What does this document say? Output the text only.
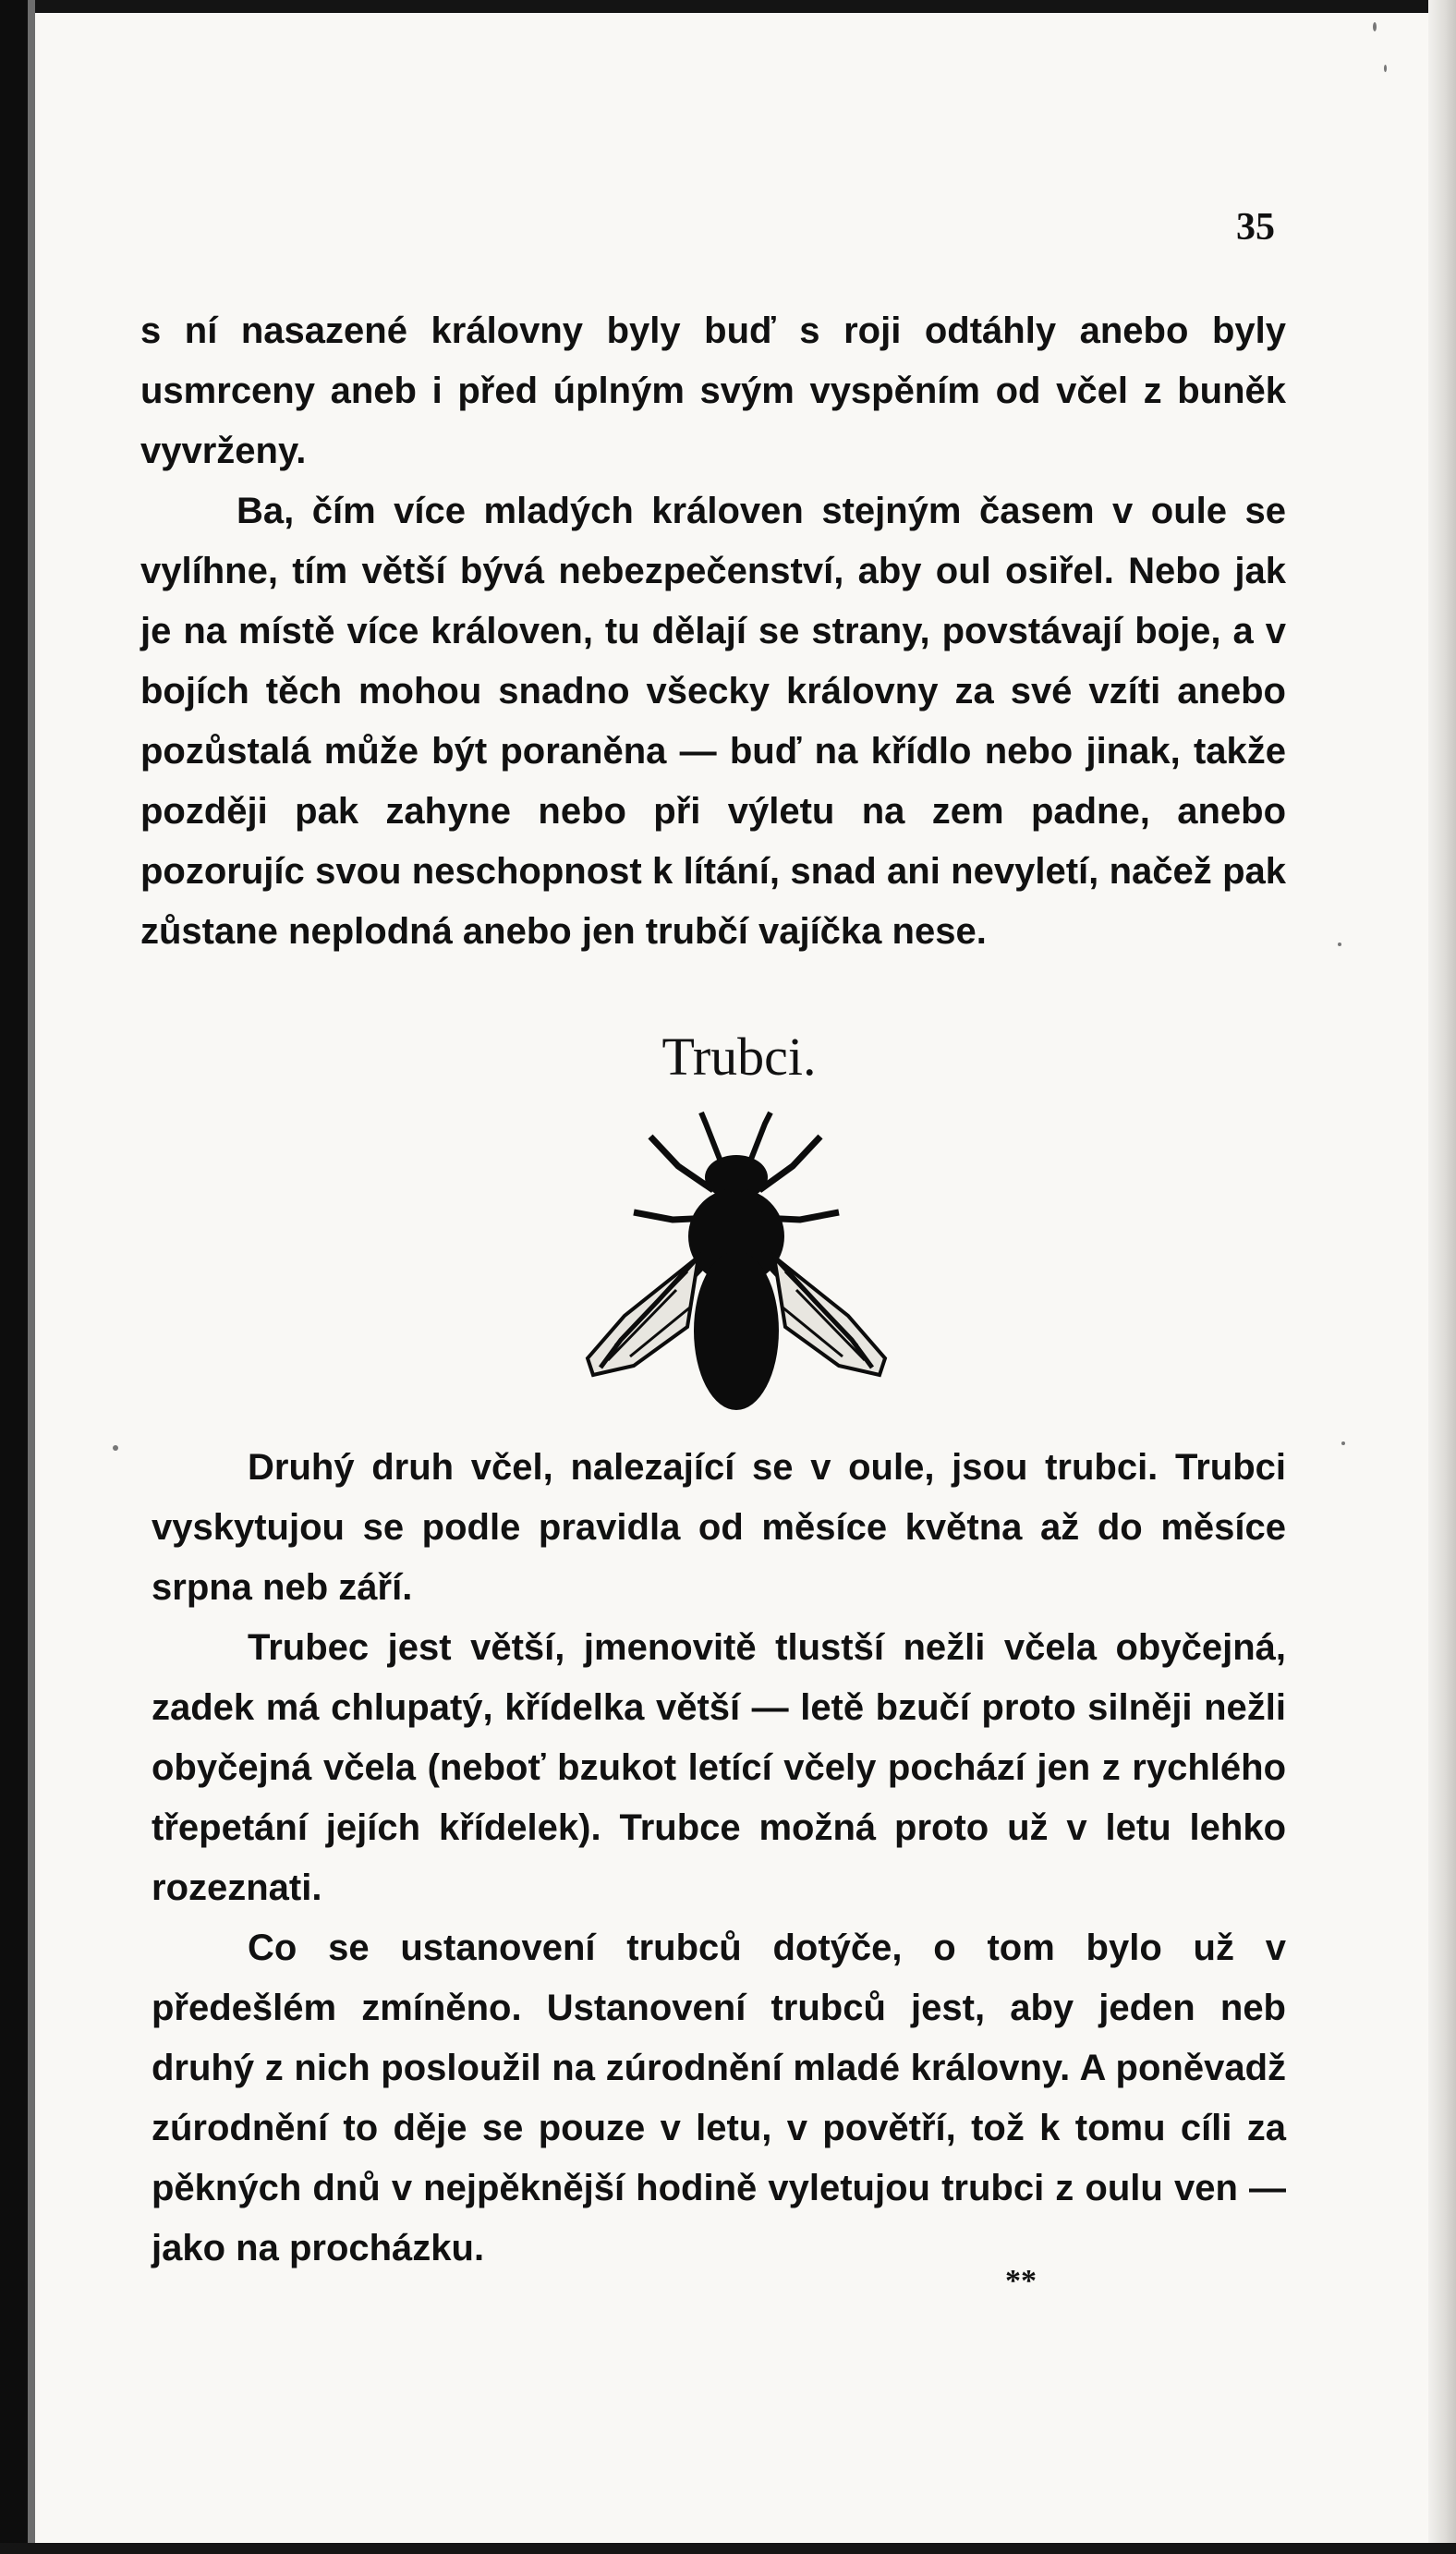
35

s ní nasazené královny byly buď s roji odtáhly anebo byly usmrceny aneb i před úplným svým vyspěním od včel z buněk vyvrženy.

Ba, čím více mladých královen stejným časem v oule se vylíhne, tím větší bývá nebezpečenství, aby oul osiřel. Nebo jak je na místě více královen, tu dělají se strany, povstávají boje, a v bojích těch mohou snadno všecky královny za své vzíti anebo pozůstalá může být poraněna — buď na křídlo nebo jinak, takže později pak zahyne nebo při výletu na zem padne, anebo pozorujíc svou neschopnost k lítání, snad ani nevyletí, načež pak zůstane neplodná anebo jen trubčí vajíčka nese.

Trubci.

Druhý druh včel, nalezající se v oule, jsou trubci. Trubci vyskytujou se podle pravidla od měsíce května až do měsíce srpna neb září.

Trubec jest větší, jmenovitě tlustší nežli včela obyčejná, zadek má chlupatý, křídelka větší — letě bzučí proto silněji nežli obyčejná včela (neboť bzukot letící včely pochází jen z rychlého třepetání jejích křídelek). Trubce možná proto už v letu lehko rozeznati.

Co se ustanovení trubců dotýče, o tom bylo už v předešlém zmíněno. Ustanovení trubců jest, aby jeden neb druhý z nich posloužil na zúrodnění mladé královny. A poněvadž zúrodnění to děje se pouze v letu, v povětří, tož k tomu cíli za pěkných dnů v nejpěknější hodině vyletujou trubci z oulu ven — jako na procházku.

**
